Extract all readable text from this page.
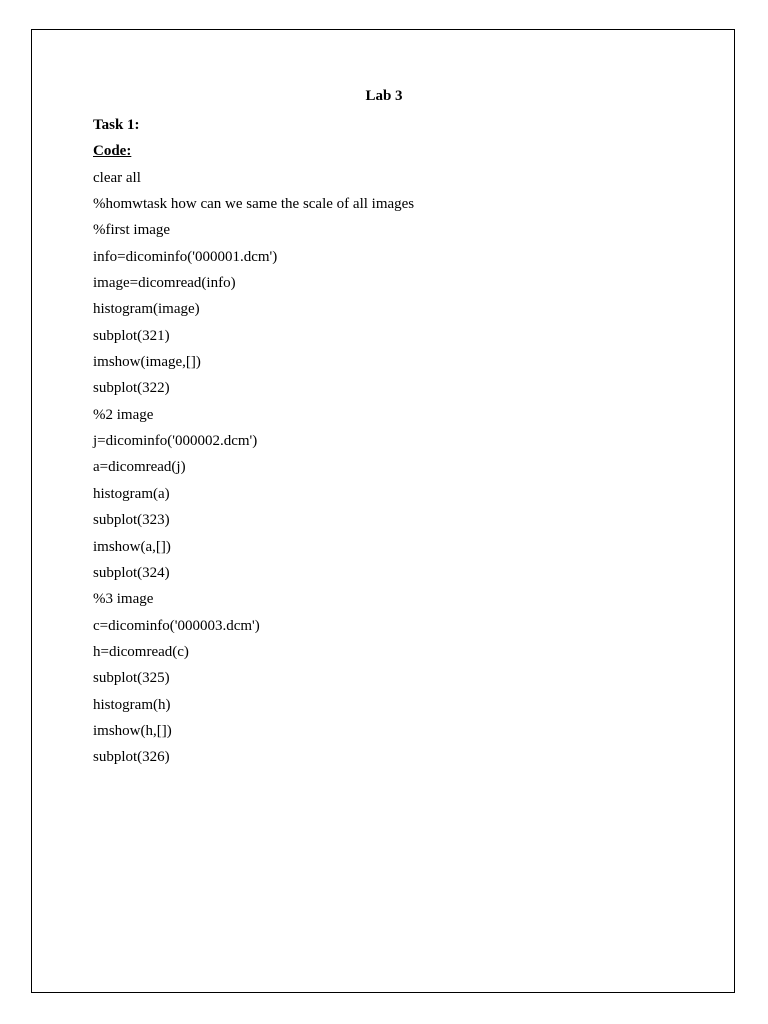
Lab 3
Task 1:
Code:
clear all
%homwtask how can we same the scale of all images
%first image
info=dicominfo('000001.dcm')
image=dicomread(info)
histogram(image)
subplot(321)
imshow(image,[])
subplot(322)
%2 image
j=dicominfo('000002.dcm')
a=dicomread(j)
histogram(a)
subplot(323)
imshow(a,[])
subplot(324)
%3 image
c=dicominfo('000003.dcm')
h=dicomread(c)
subplot(325)
histogram(h)
imshow(h,[])
subplot(326)
